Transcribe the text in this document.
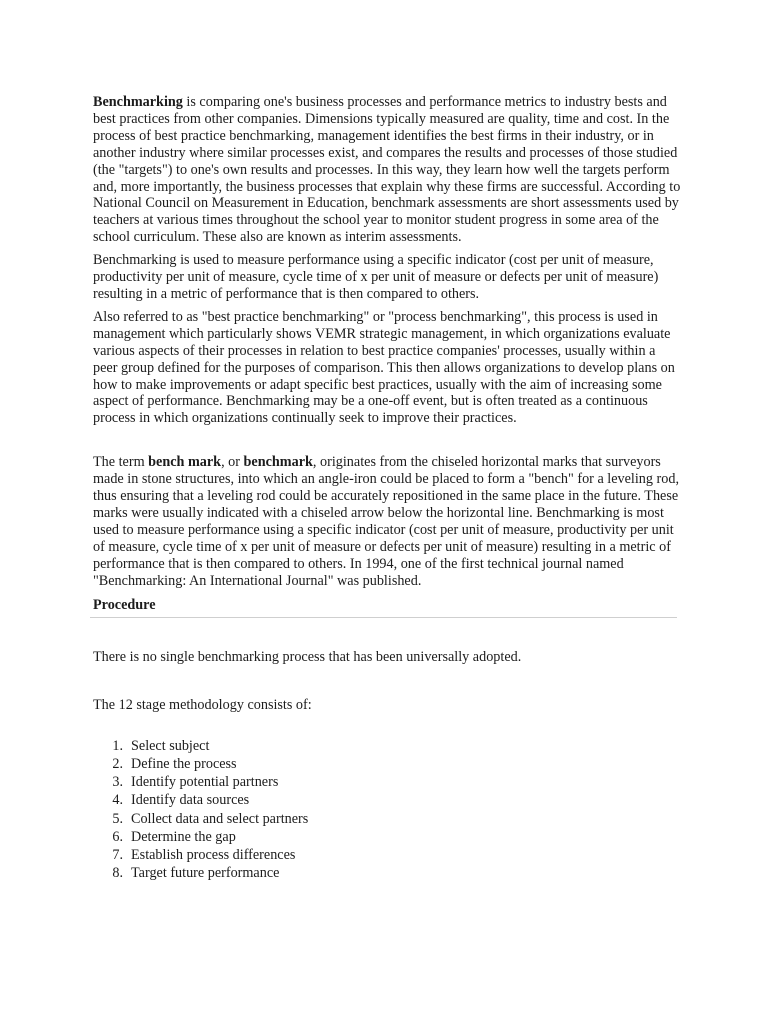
Benchmarking is comparing one's business processes and performance metrics to industry bests and best practices from other companies. Dimensions typically measured are quality, time and cost. In the process of best practice benchmarking, management identifies the best firms in their industry, or in another industry where similar processes exist, and compares the results and processes of those studied (the "targets") to one's own results and processes. In this way, they learn how well the targets perform and, more importantly, the business processes that explain why these firms are successful. According to National Council on Measurement in Education, benchmark assessments are short assessments used by teachers at various times throughout the school year to monitor student progress in some area of the school curriculum. These also are known as interim assessments.

Benchmarking is used to measure performance using a specific indicator (cost per unit of measure, productivity per unit of measure, cycle time of x per unit of measure or defects per unit of measure) resulting in a metric of performance that is then compared to others.

Also referred to as "best practice benchmarking" or "process benchmarking", this process is used in management which particularly shows VEMR strategic management, in which organizations evaluate various aspects of their processes in relation to best practice companies' processes, usually within a peer group defined for the purposes of comparison. This then allows organizations to develop plans on how to make improvements or adapt specific best practices, usually with the aim of increasing some aspect of performance. Benchmarking may be a one-off event, but is often treated as a continuous process in which organizations continually seek to improve their practices.

The term bench mark, or benchmark, originates from the chiseled horizontal marks that surveyors made in stone structures, into which an angle-iron could be placed to form a "bench" for a leveling rod, thus ensuring that a leveling rod could be accurately repositioned in the same place in the future. These marks were usually indicated with a chiseled arrow below the horizontal line. Benchmarking is most used to measure performance using a specific indicator (cost per unit of measure, productivity per unit of measure, cycle time of x per unit of measure or defects per unit of measure) resulting in a metric of performance that is then compared to others. In 1994, one of the first technical journal named "Benchmarking: An International Journal" was published.

Procedure

There is no single benchmarking process that has been universally adopted.

The 12 stage methodology consists of:

1. Select subject
2. Define the process
3. Identify potential partners
4. Identify data sources
5. Collect data and select partners
6. Determine the gap
7. Establish process differences
8. Target future performance
